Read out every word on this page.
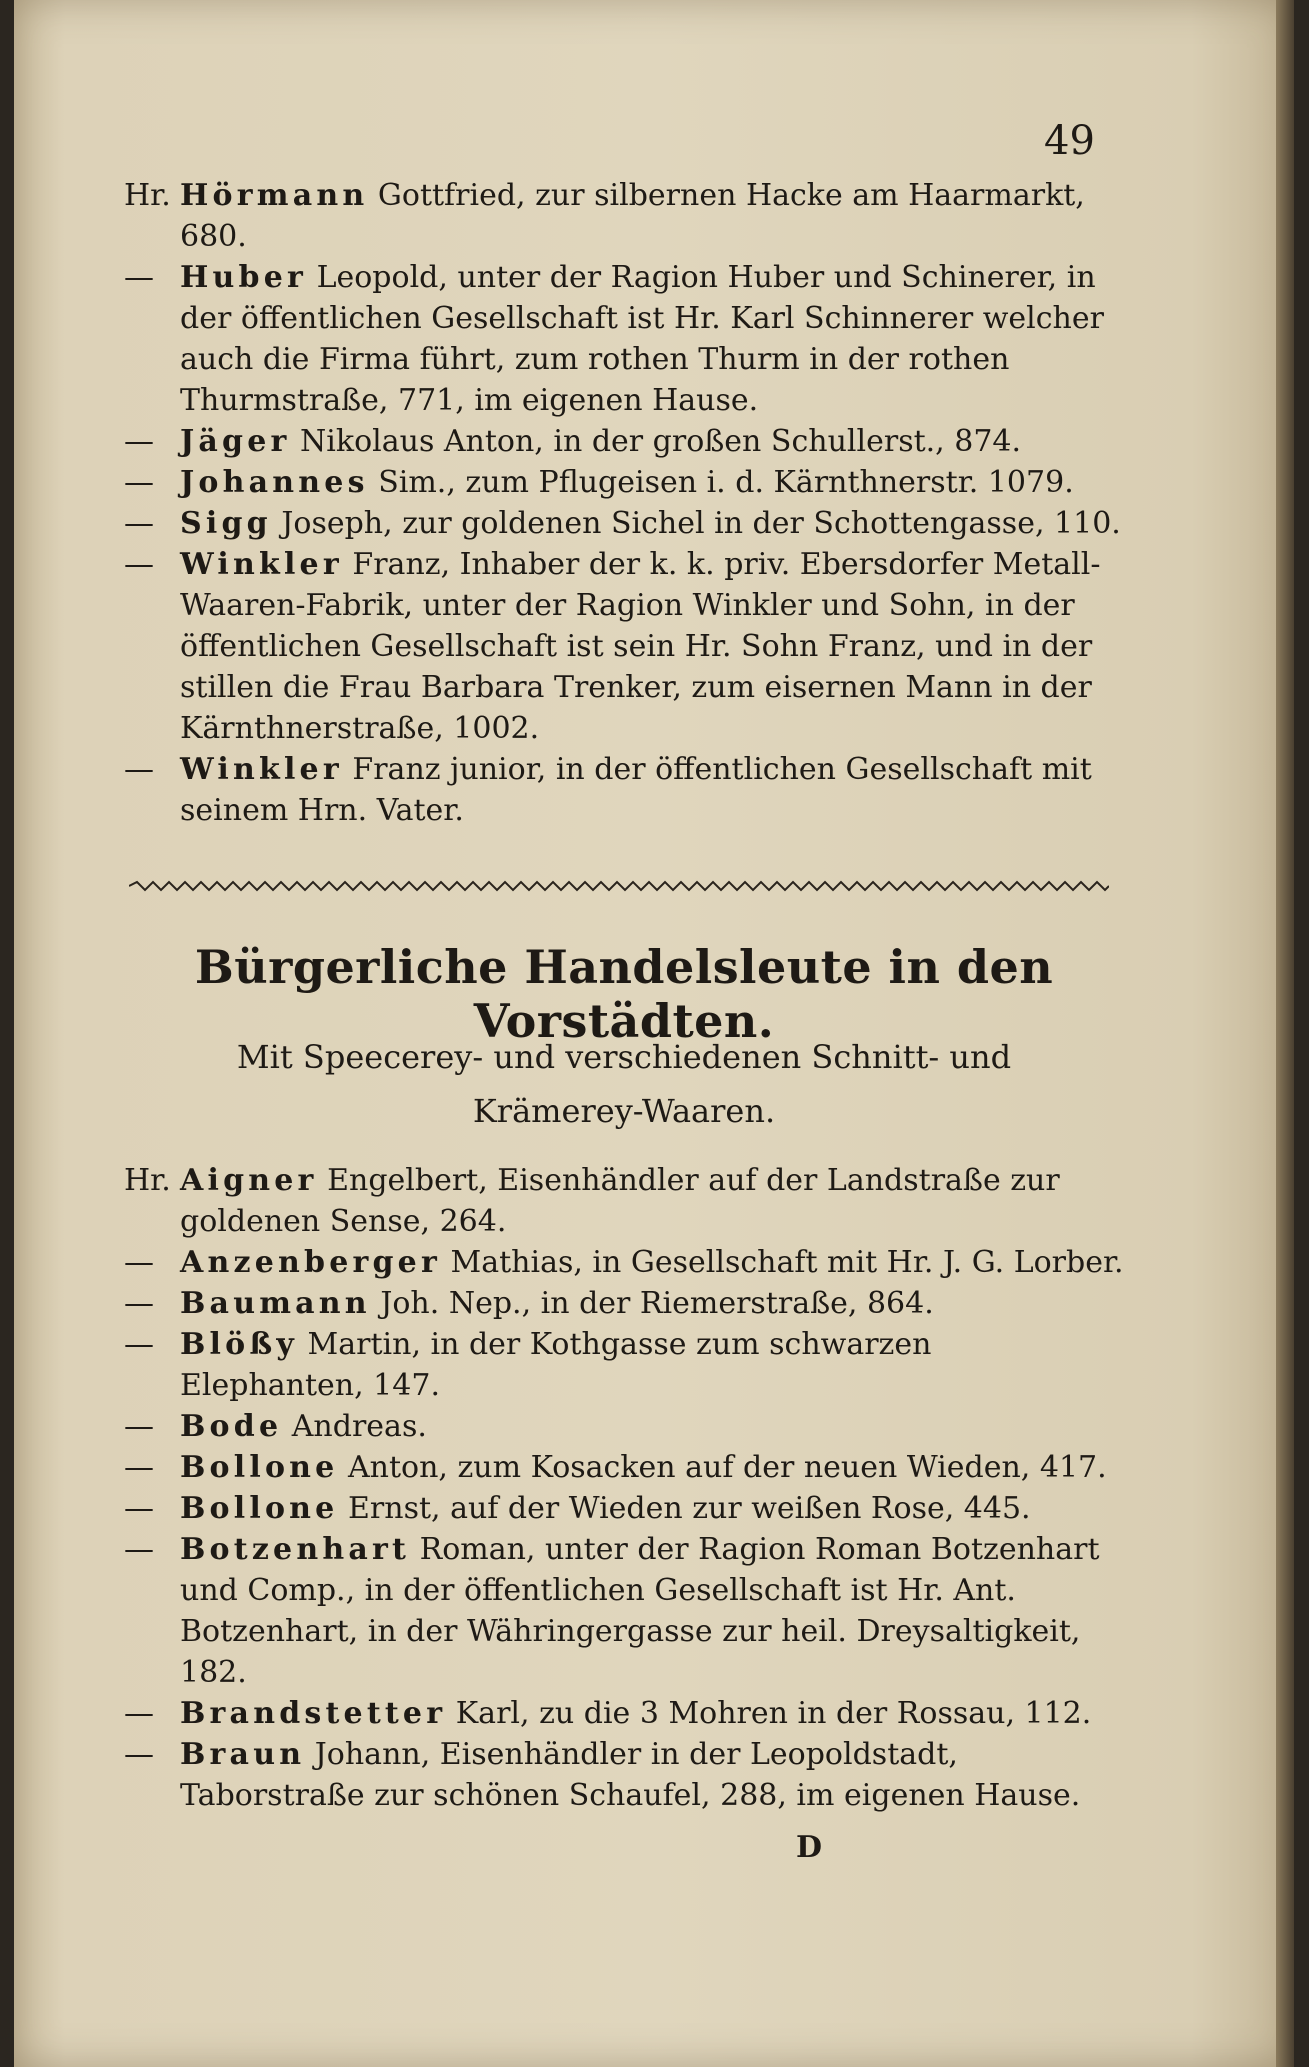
49
Hr. Hörmann Gottfried, zur silbernen Hacke am Haarmarkt, 680.
— Huber Leopold, unter der Ragion Huber und Schinerer, in der öffentlichen Gesellschaft ist Hr. Karl Schinnerer welcher auch die Firma führt, zum rothen Thurm in der rothen Thurmstraße, 771, im eigenen Hause.
— Jäger Nikolaus Anton, in der großen Schullerst., 874.
— Johannes Sim., zum Pflugeisen i. d. Kärnthnerstr. 1079.
— Sigg Joseph, zur goldenen Sichel in der Schottengasse, 110.
— Winkler Franz, Inhaber der k. k. priv. Ebersdorfer Metall-Waaren-Fabrik, unter der Ragion Winkler und Sohn, in der öffentlichen Gesellschaft ist sein Hr. Sohn Franz, und in der stillen die Frau Barbara Trenker, zum eisernen Mann in der Kärnthnerstraße, 1002.
— Winkler Franz junior, in der öffentlichen Gesellschaft mit seinem Hrn. Vater.
Bürgerliche Handelsleute in den Vorstädten.
Mit Speecerey- und verschiedenen Schnitt- und
Krämerey-Waaren.
Hr. Aigner Engelbert, Eisenhändler auf der Landstraße zur goldenen Sense, 264.
— Anzenberger Mathias, in Gesellschaft mit Hr. J. G. Lorber.
— Baumann Joh. Nep., in der Riemerstraße, 864.
— Blößy Martin, in der Kothgasse zum schwarzen Elephanten, 147.
— Bode Andreas.
— Bollone Anton, zum Kosacken auf der neuen Wieden, 417.
— Bollone Ernst, auf der Wieden zur weißen Rose, 445.
— Botzenhart Roman, unter der Ragion Roman Botzenhart und Comp., in der öffentlichen Gesellschaft ist Hr. Ant. Botzenhart, in der Währingergasse zur heil. Dreysaltigkeit, 182.
— Brandstetter Karl, zu die 3 Mohren in der Rossau, 112.
— Braun Johann, Eisenhändler in der Leopoldstadt, Taborstraße zur schönen Schaufel, 288, im eigenen Hause.
D
